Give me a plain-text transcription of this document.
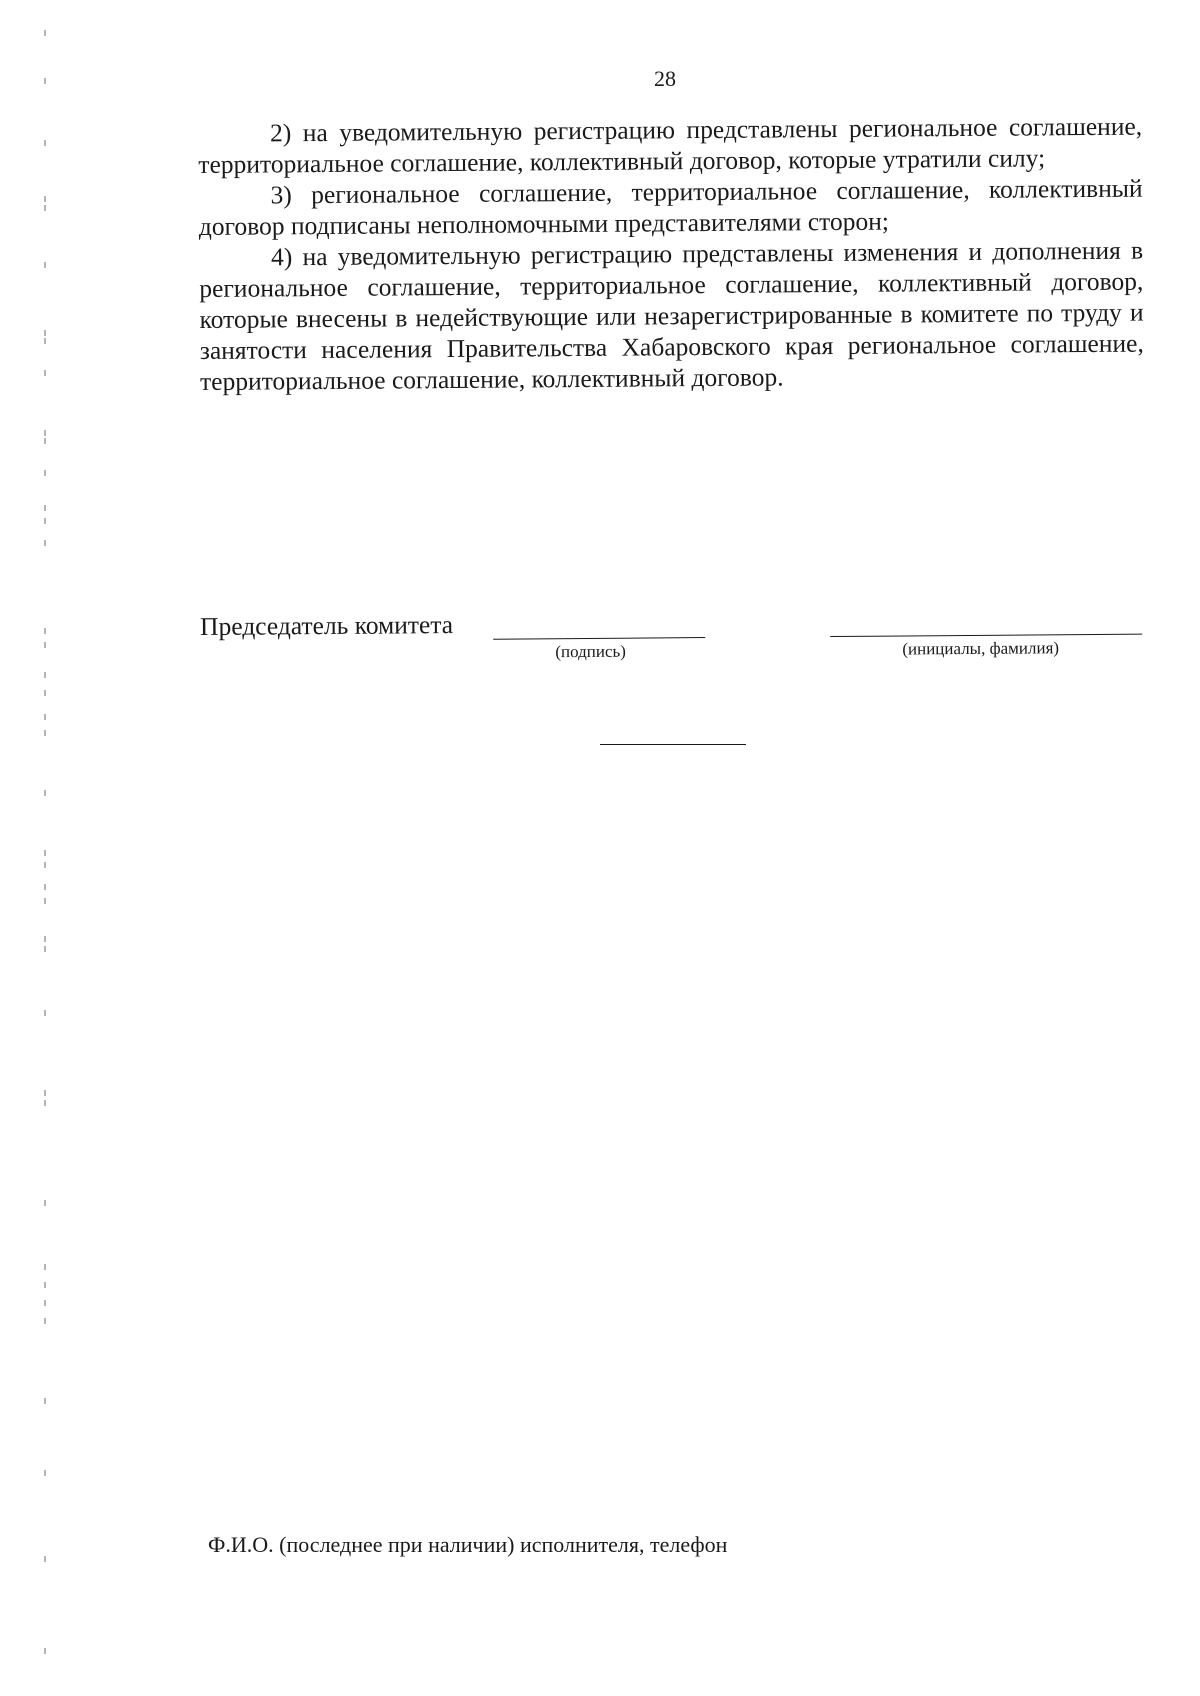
28

2) на уведомительную регистрацию представлены региональное соглашение, территориальное соглашение, коллективный договор, которые утратили силу;

3) региональное соглашение, территориальное соглашение, коллективный договор подписаны неполномочными представителями сторон;

4) на уведомительную регистрацию представлены изменения и дополнения в региональное соглашение, территориальное соглашение, коллективный договор, которые внесены в недействующие или незарегистрированные в комитете по труду и занятости населения Правительства Хабаровского края региональное соглашение, территориальное соглашение, коллективный договор.

Председатель комитета
(подпись)	(инициалы, фамилия)
Ф.И.О. (последнее при наличии) исполнителя, телефон
